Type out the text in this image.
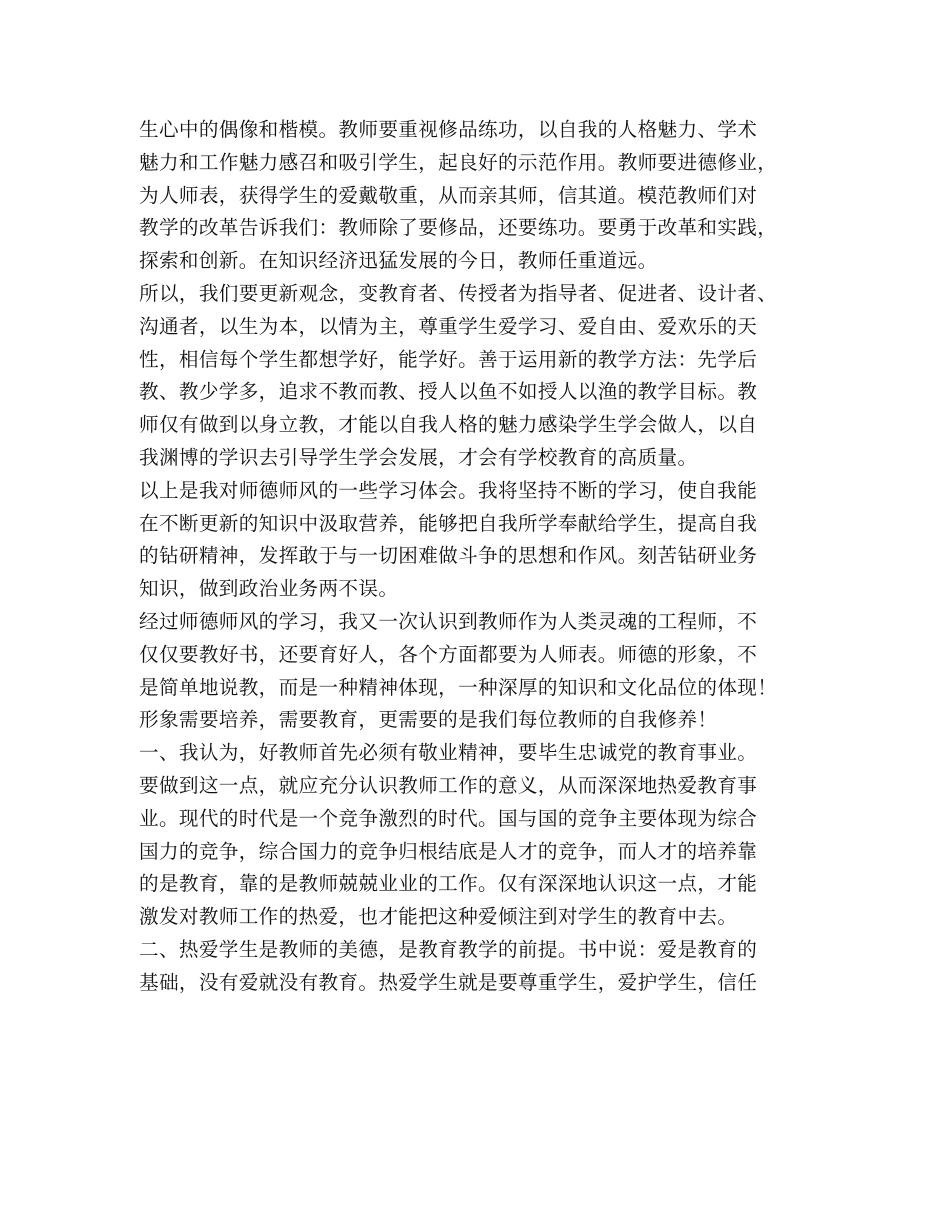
生心中的偶像和楷模。教师要重视修品练功，以自我的人格魅力、学术
魅力和工作魅力感召和吸引学生，起良好的示范作用。教师要进德修业，
为人师表，获得学生的爱戴敬重，从而亲其师，信其道。模范教师们对
教学的改革告诉我们：教师除了要修品，还要练功。要勇于改革和实践，
探索和创新。在知识经济迅猛发展的今日，教师任重道远。
所以，我们要更新观念，变教育者、传授者为指导者、促进者、设计者、
沟通者，以生为本，以情为主，尊重学生爱学习、爱自由、爱欢乐的天
性，相信每个学生都想学好，能学好。善于运用新的教学方法：先学后
教、教少学多，追求不教而教、授人以鱼不如授人以渔的教学目标。教
师仅有做到以身立教，才能以自我人格的魅力感染学生学会做人，以自
我渊博的学识去引导学生学会发展，才会有学校教育的高质量。
以上是我对师德师风的一些学习体会。我将坚持不断的学习，使自我能
在不断更新的知识中汲取营养，能够把自我所学奉献给学生，提高自我
的钻研精神，发挥敢于与一切困难做斗争的思想和作风。刻苦钻研业务
知识，做到政治业务两不误。
经过师德师风的学习，我又一次认识到教师作为人类灵魂的工程师，不
仅仅要教好书，还要育好人，各个方面都要为人师表。师德的形象，不
是简单地说教，而是一种精神体现，一种深厚的知识和文化品位的体现！
形象需要培养，需要教育，更需要的是我们每位教师的自我修养！
一、我认为，好教师首先必须有敬业精神，要毕生忠诚党的教育事业。
要做到这一点，就应充分认识教师工作的意义，从而深深地热爱教育事
业。现代的时代是一个竞争激烈的时代。国与国的竞争主要体现为综合
国力的竞争，综合国力的竞争归根结底是人才的竞争，而人才的培养靠
的是教育，靠的是教师兢兢业业的工作。仅有深深地认识这一点，才能
激发对教师工作的热爱，也才能把这种爱倾注到对学生的教育中去。
二、热爱学生是教师的美德，是教育教学的前提。书中说：爱是教育的
基础，没有爱就没有教育。热爱学生就是要尊重学生，爱护学生，信任
